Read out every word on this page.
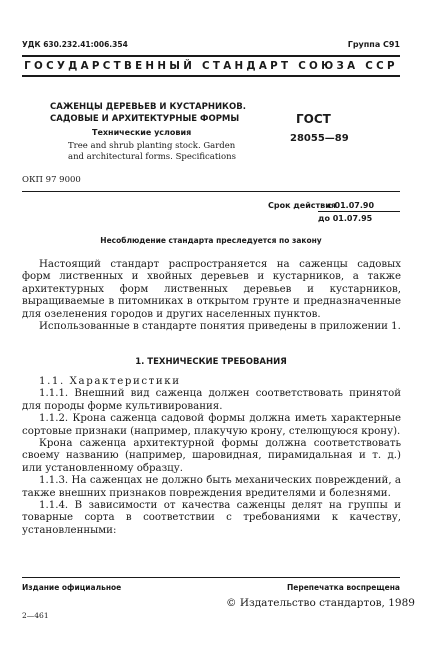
УДК 630.232.41:006.354	Группа С91
ГОСУДАРСТВЕННЫЙ СТАНДАРТ СОЮЗА ССР
САЖЕНЦЫ ДЕРЕВЬЕВ И КУСТАРНИКОВ.
САДОВЫЕ И АРХИТЕКТУРНЫЕ ФОРМЫ
Технические условия
Tree and shrub planting stock. Garden
and architectural forms. Specifications
ГОСТ
28055—89
ОКП 97 9000
Срок действия
с 01.07.90
до 01.07.95
Несоблюдение стандарта преследуется по закону

Настоящий стандарт распространяется на саженцы садовых форм лиственных и хвойных деревьев и кустарников, а также архитектурных форм лиственных деревьев и кустарников, выращиваемые в питомниках в открытом грунте и предназначенные для озеленения городов и других населенных пунктов.

Использованные в стандарте понятия приведены в приложении 1.

1. ТЕХНИЧЕСКИЕ ТРЕБОВАНИЯ

1.1. Характеристики

1.1.1. Внешний вид саженца должен соответствовать принятой для породы форме культивирования.

1.1.2. Крона саженца садовой формы должна иметь характерные сортовые признаки (например, плакучую крону, стелющуюся крону).

Крона саженца архитектурной формы должна соответствовать своему названию (например, шаровидная, пирамидальная и т. д.) или установленному образцу.

1.1.3. На саженцах не должно быть механических повреждений, а также внешних признаков повреждения вредителями и болезнями.

1.1.4. В зависимости от качества саженцы делят на группы и товарные сорта в соответствии с требованиями к качеству, установленными:

Издание официальное	Перепечатка воспрещена
© Издательство стандартов, 1989
2—461
